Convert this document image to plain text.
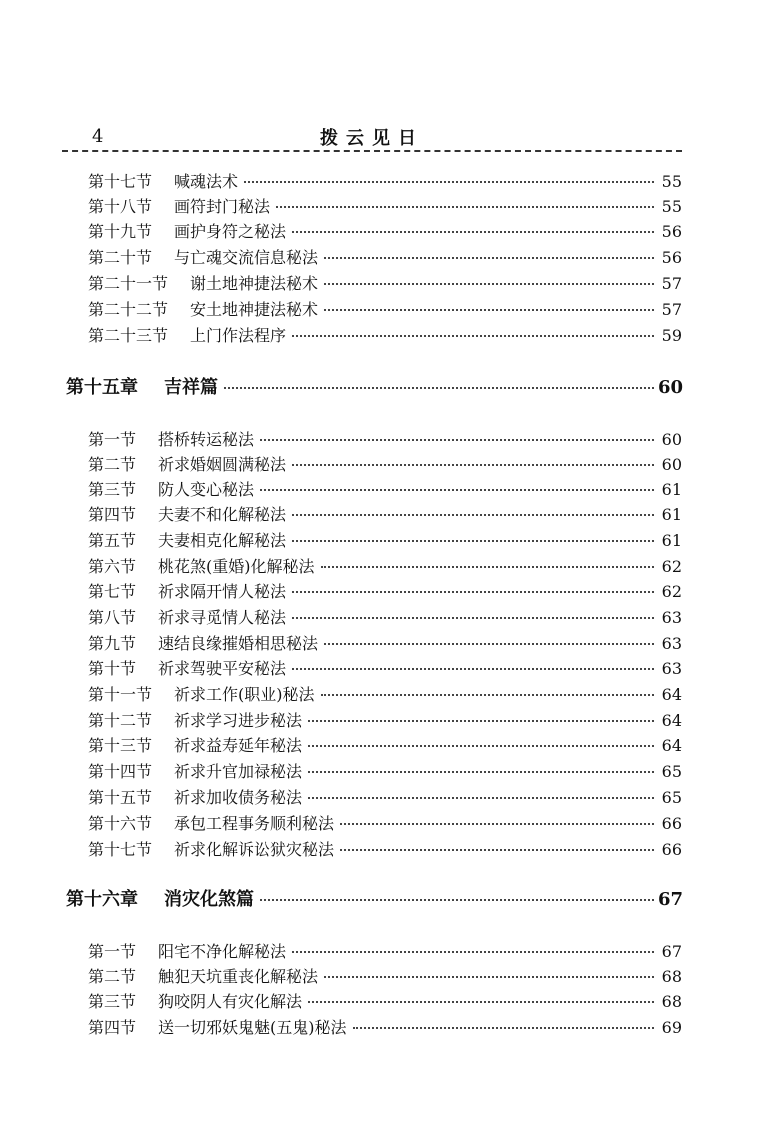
4	拨云见日
第十七节 喊魂法术	55
第十八节 画符封门秘法	55
第十九节 画护身符之秘法	56
第二十节 与亡魂交流信息秘法	56
第二十一节 谢土地神捷法秘术	57
第二十二节 安土地神捷法秘术	57
第二十三节 上门作法程序	59
第十五章 吉祥篇	60
第一节 搭桥转运秘法	60
第二节 祈求婚姻圆满秘法	60
第三节 防人变心秘法	61
第四节 夫妻不和化解秘法	61
第五节 夫妻相克化解秘法	61
第六节 桃花煞(重婚)化解秘法	62
第七节 祈求隔开情人秘法	62
第八节 祈求寻觅情人秘法	63
第九节 速结良缘摧婚相思秘法	63
第十节 祈求驾驶平安秘法	63
第十一节 祈求工作(职业)秘法	64
第十二节 祈求学习进步秘法	64
第十三节 祈求益寿延年秘法	64
第十四节 祈求升官加禄秘法	65
第十五节 祈求加收债务秘法	65
第十六节 承包工程事务顺利秘法	66
第十七节 祈求化解诉讼狱灾秘法	66
第十六章 消灾化煞篇	67
第一节 阳宅不净化解秘法	67
第二节 触犯天坑重丧化解秘法	68
第三节 狗咬阴人有灾化解法	68
第四节 送一切邪妖鬼魅(五鬼)秘法	69
